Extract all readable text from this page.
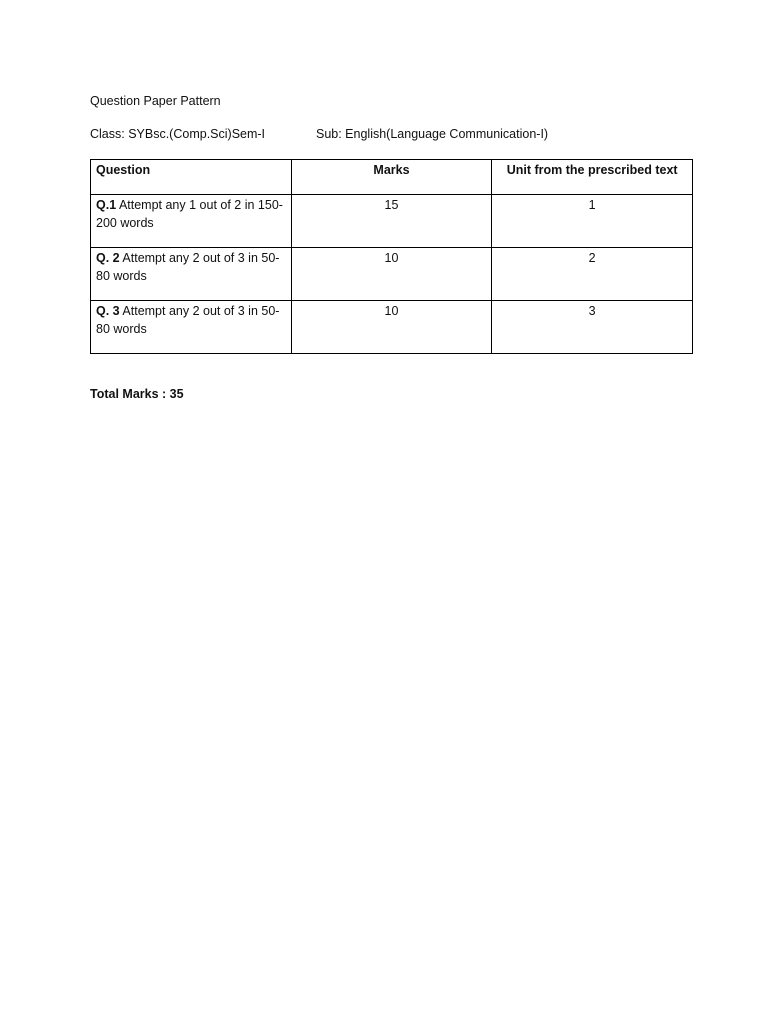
Question Paper Pattern
Class: SYBsc.(Comp.Sci)Sem-I	Sub: English(Language Communication-I)
Question	Marks	Unit from the prescribed text
Q.1 Attempt any 1 out of 2 in 150-200 words	15	1
Q. 2 Attempt any 2 out of 3 in 50-80 words	10	2
Q. 3 Attempt any 2 out of 3 in 50-80 words	10	3
Total Marks : 35
